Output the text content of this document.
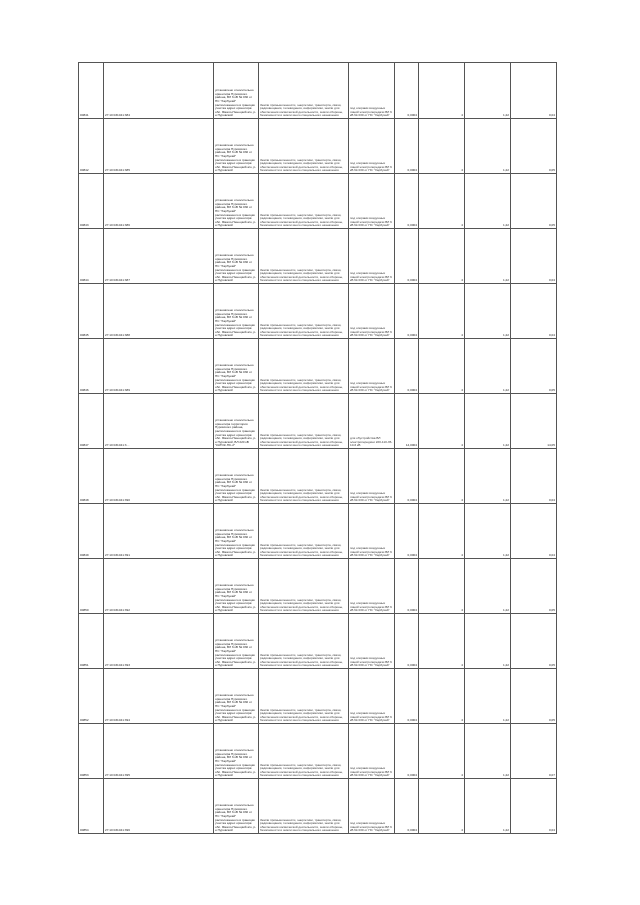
00841	27:10:031041:384	установлено относительно ориентира Пуровского района, ВЛ 6 кВ № 030 от ПС "Харбукай" расположенного в границах участка адрес ориентира: обл. Ямало-Ненецкий а/о, р-н Пуровский	Земли промышленности, энергетики, транспорта, связи, радиовещания, телевидения, информатики, земли для обеспечения космической деятельности, земли обороны, безопасности и земли иного специального назначения	под опорами воздушных линий электропередачи ВЛ 6 кВ № 030 от ПС "Харбукай"	0,0004	4	1,22	0,04
00842	27:10:031041:385	установлено относительно ориентира Пуровского района, ВЛ 6 кВ № 030 от ПС "Харбукай" расположенного в границах участка адрес ориентира: обл. Ямало-Ненецкий а/о, р-н Пуровский	Земли промышленности, энергетики, транспорта, связи, радиовещания, телевидения, информатики, земли для обеспечения космической деятельности, земли обороны, безопасности и земли иного специального назначения	под опорами воздушных линий электропередачи ВЛ 6 кВ № 030 от ПС "Харбукай"	0,0004	4	1,22	0,05
00843	27:10:031041:386	установлено относительно ориентира Пуровского района, ВЛ 6 кВ № 030 от ПС "Харбукай" расположенного в границах участка адрес ориентира: обл. Ямало-Ненецкий а/о, р-н Пуровский	Земли промышленности, энергетики, транспорта, связи, радиовещания, телевидения, информатики, земли для обеспечения космической деятельности, земли обороны, безопасности и земли иного специального назначения	под опорами воздушных линий электропередачи ВЛ 6 кВ № 030 от ПС "Харбукай"	0,0004	4	1,22	0,05
00844	27:10:031041:387	установлено относительно ориентира Пуровского района, ВЛ 6 кВ № 030 от ПС "Харбукай" расположенного в границах участка адрес ориентира: обл. Ямало-Ненецкий а/о, р-н Пуровский	Земли промышленности, энергетики, транспорта, связи, радиовещания, телевидения, информатики, земли для обеспечения космической деятельности, земли обороны, безопасности и земли иного специального назначения	под опорами воздушных линий электропередачи ВЛ 6 кВ № 030 от ПС "Харбукай"	0,0004	4	1,22	0,04
00845	27:10:031041:388	установлено относительно ориентира Пуровского района, ВЛ 6 кВ № 030 от ПС "Харбукай" расположенного в границах участка адрес ориентира: обл. Ямало-Ненецкий а/о, р-н Пуровский	Земли промышленности, энергетики, транспорта, связи, радиовещания, телевидения, информатики, земли для обеспечения космической деятельности, земли обороны, безопасности и земли иного специального назначения	под опорами воздушных линий электропередачи ВЛ 6 кВ № 030 от ПС "Харбукай"	0,0004	4	1,22	0,04
00846	27:10:031041:389	установлено относительно ориентира Пуровского района, ВЛ 6 кВ № 030 от ПС "Харбукай" расположенного в границах участка адрес ориентира: обл. Ямало-Ненецкий а/о, р-н Пуровский	Земли промышленности, энергетики, транспорта, связи, радиовещания, телевидения, информатики, земли для обеспечения космической деятельности, земли обороны, безопасности и земли иного специального назначения	под опорами воздушных линий электропередачи ВЛ 6 кВ № 030 от ПС "Харбукай"	0,0004	4	1,22	0,05
00847	27:10:031041:3…	установлено относительно ориентира территория Пуровского района, расположенного в границах участка адрес ориентира: обл. Ямало-Ненецкий а/о, р-н Пуровский, ВЛ 220 кВ "КАТОК-ПС-2"	Земли промышленности, энергетики, транспорта, связи, радиовещания, телевидения, информатики, земли для обеспечения космической деятельности, земли обороны, безопасности и земли иного специального назначения	для обустройства ВЛ электропередачи 220-110-35-10-6 кВ	14,0004	4	1,22	14,05
00848	27:10:031041:390	установлено относительно ориентира Пуровского района, ВЛ 6 кВ № 030 от ПС "Харбукай" расположенного в границах участка адрес ориентира: обл. Ямало-Ненецкий а/о, р-н Пуровский	Земли промышленности, энергетики, транспорта, связи, радиовещания, телевидения, информатики, земли для обеспечения космической деятельности, земли обороны, безопасности и земли иного специального назначения	под опорами воздушных линий электропередачи ВЛ 6 кВ № 030 от ПС "Харбукай"	0,0004	4	1,22	0,04
00849	27:10:031041:391	установлено относительно ориентира Пуровского района, ВЛ 6 кВ № 030 от ПС "Харбукай" расположенного в границах участка адрес ориентира: обл. Ямало-Ненецкий а/о, р-н Пуровский	Земли промышленности, энергетики, транспорта, связи, радиовещания, телевидения, информатики, земли для обеспечения космической деятельности, земли обороны, безопасности и земли иного специального назначения	под опорами воздушных линий электропередачи ВЛ 6 кВ № 030 от ПС "Харбукай"	0,0004	4	1,22	0,04
00850	27:10:031041:392	установлено относительно ориентира Пуровского района, ВЛ 6 кВ № 030 от ПС "Харбукай" расположенного в границах участка адрес ориентира: обл. Ямало-Ненецкий а/о, р-н Пуровский	Земли промышленности, энергетики, транспорта, связи, радиовещания, телевидения, информатики, земли для обеспечения космической деятельности, земли обороны, безопасности и земли иного специального назначения	под опорами воздушных линий электропередачи ВЛ 6 кВ № 030 от ПС "Харбукай"	0,0004	4	1,22	0,05
00851	27:10:031041:393	установлено относительно ориентира Пуровского района, ВЛ 6 кВ № 030 от ПС "Харбукай" расположенного в границах участка адрес ориентира: обл. Ямало-Ненецкий а/о, р-н Пуровский	Земли промышленности, энергетики, транспорта, связи, радиовещания, телевидения, информатики, земли для обеспечения космической деятельности, земли обороны, безопасности и земли иного специального назначения	под опорами воздушных линий электропередачи ВЛ 6 кВ № 030 от ПС "Харбукай"	0,0004	4	1,22	0,05
00852	27:10:031041:394	установлено относительно ориентира Пуровского района, ВЛ 6 кВ № 030 от ПС "Харбукай" расположенного в границах участка адрес ориентира: обл. Ямало-Ненецкий а/о, р-н Пуровский	Земли промышленности, энергетики, транспорта, связи, радиовещания, телевидения, информатики, земли для обеспечения космической деятельности, земли обороны, безопасности и земли иного специального назначения	под опорами воздушных линий электропередачи ВЛ 6 кВ № 030 от ПС "Харбукай"	0,0004	4	1,22	0,05
00853	27:10:031041:395	установлено относительно ориентира Пуровского района, ВЛ 6 кВ № 030 от ПС "Харбукай" расположенного в границах участка адрес ориентира: обл. Ямало-Ненецкий а/о, р-н Пуровский	Земли промышленности, энергетики, транспорта, связи, радиовещания, телевидения, информатики, земли для обеспечения космической деятельности, земли обороны, безопасности и земли иного специального назначения	под опорами воздушных линий электропередачи ВЛ 6 кВ № 030 от ПС "Харбукай"	0,0004	4	1,22	0,07
00854	27:10:031041:396	установлено относительно ориентира Пуровского района, ВЛ 6 кВ № 030 от ПС "Харбукай" расположенного в границах участка адрес ориентира: обл. Ямало-Ненецкий а/о, р-н Пуровский	Земли промышленности, энергетики, транспорта, связи, радиовещания, телевидения, информатики, земли для обеспечения космической деятельности, земли обороны, безопасности и земли иного специального назначения	под опорами воздушных линий электропередачи ВЛ 6 кВ № 030 от ПС "Харбукай"	0,0004	4	1,22	0,04
